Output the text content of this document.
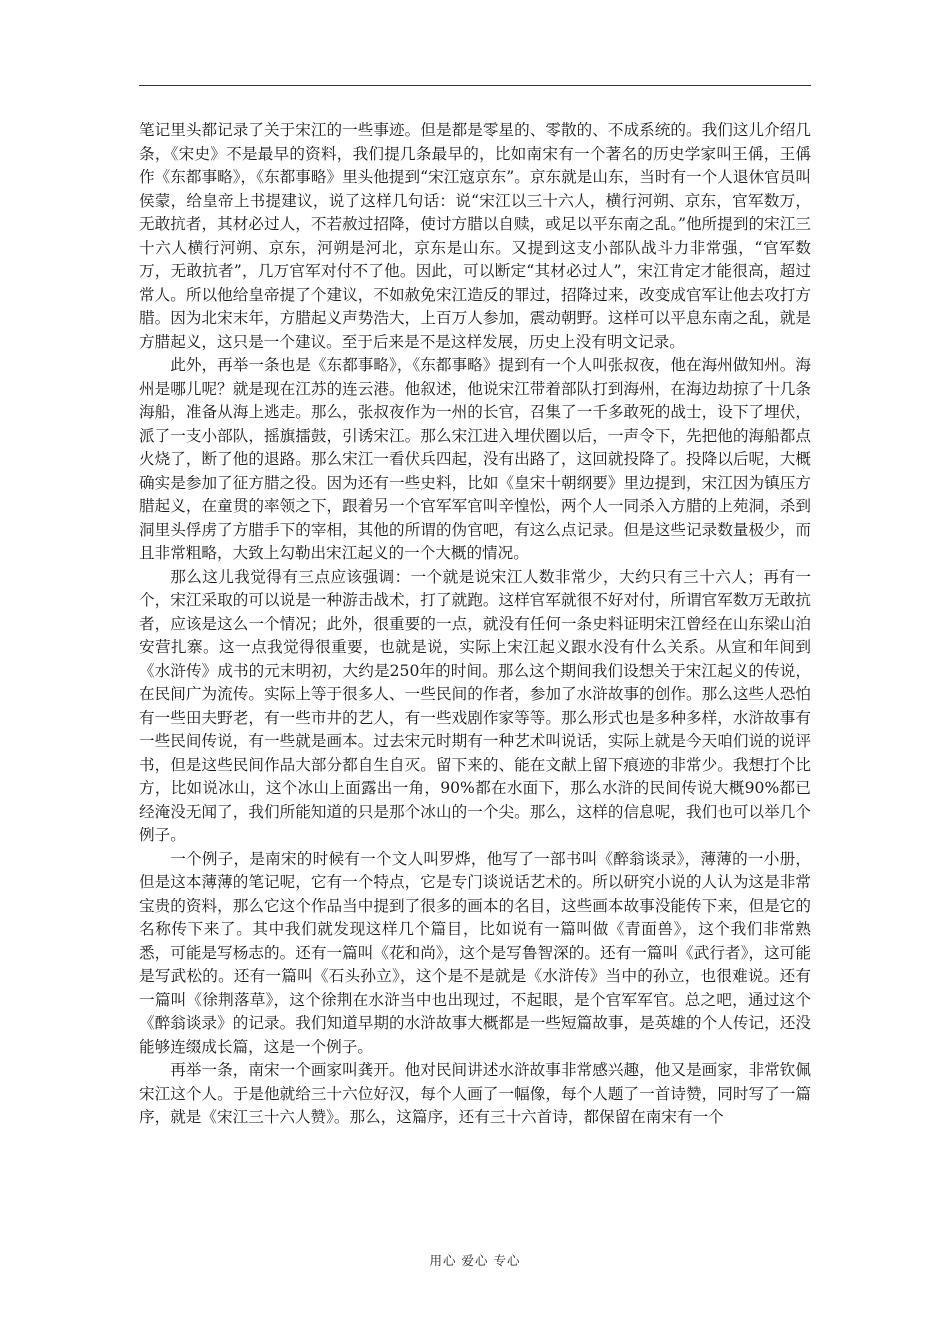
笔记里头都记录了关于宋江的一些事迹。但是都是零星的、零散的、不成系统的。我们这儿介绍几条，《宋史》不是最早的资料，我们提几条最早的，比如南宋有一个著名的历史学家叫王偁，王偁作《东都事略》，《东都事略》里头他提到“宋江寇京东”。京东就是山东，当时有一个人退休官员叫侯蒙，给皇帝上书提建议，说了这样几句话：说“宋江以三十六人，横行河朔、京东，官军数万，无敢抗者，其材必过人，不若赦过招降，使讨方腊以自赎，或足以平东南之乱。”他所提到的宋江三十六人横行河朔、京东，河朔是河北，京东是山东。又提到这支小部队战斗力非常强，“官军数万，无敢抗者”，几万官军对付不了他。因此，可以断定“其材必过人”，宋江肯定才能很高，超过常人。所以他给皇帝提了个建议，不如赦免宋江造反的罪过，招降过来，改变成官军让他去攻打方腊。因为北宋末年，方腊起义声势浩大，上百万人参加，震动朝野。这样可以平息东南之乱，就是方腊起义，这只是一个建议。至于后来是不是这样发展，历史上没有明文记录。

此外，再举一条也是《东都事略》，《东都事略》提到有一个人叫张叔夜，他在海州做知州。海州是哪儿呢？就是现在江苏的连云港。他叙述，他说宋江带着部队打到海州，在海边劫掠了十几条海船，准备从海上逃走。那么，张叔夜作为一州的长官，召集了一千多敢死的战士，设下了埋伏，派了一支小部队，摇旗擂鼓，引诱宋江。那么宋江进入埋伏圈以后，一声令下，先把他的海船都点火烧了，断了他的退路。那么宋江一看伏兵四起，没有出路了，这回就投降了。投降以后呢，大概确实是参加了征方腊之役。因为还有一些史料，比如《皇宋十朝纲要》里边提到，宋江因为镇压方腊起义，在童贯的率领之下，跟着另一个官军军官叫辛惶忪，两个人一同杀入方腊的上苑洞，杀到洞里头俘虏了方腊手下的宰相，其他的所谓的伪官吧，有这么点记录。但是这些记录数量极少，而且非常粗略，大致上勾勒出宋江起义的一个大概的情况。

那么这儿我觉得有三点应该强调：一个就是说宋江人数非常少，大约只有三十六人；再有一个，宋江采取的可以说是一种游击战术，打了就跑。这样官军就很不好对付，所谓官军数万无敢抗者，应该是这么一个情况；此外，很重要的一点，就没有任何一条史料证明宋江曾经在山东梁山泊安营扎寨。这一点我觉得很重要，也就是说，实际上宋江起义跟水没有什么关系。从宣和年间到《水浒传》成书的元末明初，大约是250年的时间。那么这个期间我们设想关于宋江起义的传说，在民间广为流传。实际上等于很多人、一些民间的作者，参加了水浒故事的创作。那么这些人恐怕有一些田夫野老，有一些市井的艺人，有一些戏剧作家等等。那么形式也是多种多样，水浒故事有一些民间传说，有一些就是画本。过去宋元时期有一种艺术叫说话，实际上就是今天咱们说的说评书，但是这些民间作品大部分都自生自灭。留下来的、能在文献上留下痕迹的非常少。我想打个比方，比如说冰山，这个冰山上面露出一角，90%都在水面下，那么水浒的民间传说大概90%都已经淹没无闻了，我们所能知道的只是那个冰山的一个尖。那么，这样的信息呢，我们也可以举几个例子。

一个例子，是南宋的时候有一个文人叫罗烨，他写了一部书叫《醉翁谈录》，薄薄的一小册，但是这本薄薄的笔记呢，它有一个特点，它是专门谈说话艺术的。所以研究小说的人认为这是非常宝贵的资料，那么它这个作品当中提到了很多的画本的名目，这些画本故事没能传下来，但是它的名称传下来了。其中我们就发现这样几个篇目，比如说有一篇叫做《青面兽》，这个我们非常熟悉，可能是写杨志的。还有一篇叫《花和尚》，这个是写鲁智深的。还有一篇叫《武行者》，这可能是写武松的。还有一篇叫《石头孙立》，这个是不是就是《水浒传》当中的孙立，也很难说。还有一篇叫《徐荆落草》，这个徐荆在水浒当中也出现过，不起眼，是个官军军官。总之吧，通过这个《醉翁谈录》的记录。我们知道早期的水浒故事大概都是一些短篇故事，是英雄的个人传记，还没能够连缀成长篇，这是一个例子。

再举一条，南宋一个画家叫龚开。他对民间讲述水浒故事非常感兴趣，他又是画家，非常钦佩宋江这个人。于是他就给三十六位好汉，每个人画了一幅像，每个人题了一首诗赞，同时写了一篇序，就是《宋江三十六人赞》。那么，这篇序，还有三十六首诗，都保留在南宋有一个

用心 爱心 专心
